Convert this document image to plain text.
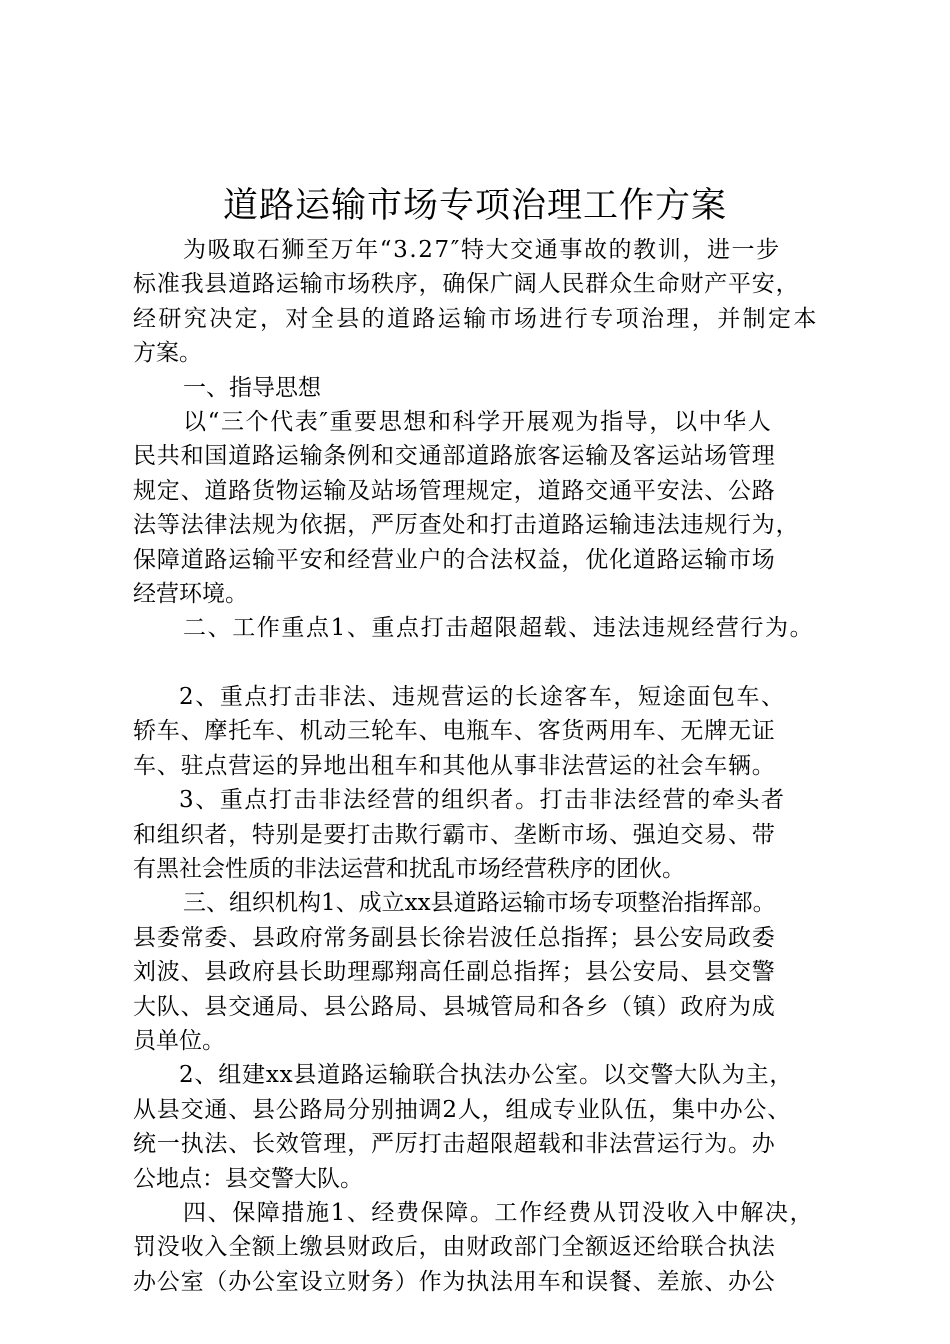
道路运输市场专项治理工作方案
为吸取石狮至万年“3.27″特大交通事故的教训，进一步
标准我县道路运输市场秩序，确保广阔人民群众生命财产平安，
经研究决定，对全县的道路运输市场进行专项治理，并制定本
方案。
一、指导思想
以“三个代表″重要思想和科学开展观为指导，以中华人
民共和国道路运输条例和交通部道路旅客运输及客运站场管理
规定、道路货物运输及站场管理规定，道路交通平安法、公路
法等法律法规为依据，严厉查处和打击道路运输违法违规行为，
保障道路运输平安和经营业户的合法权益，优化道路运输市场
经营环境。
二、工作重点1、重点打击超限超载、违法违规经营行为。
2、重点打击非法、违规营运的长途客车，短途面包车、
轿车、摩托车、机动三轮车、电瓶车、客货两用车、无牌无证
车、驻点营运的异地出租车和其他从事非法营运的社会车辆。
3、重点打击非法经营的组织者。打击非法经营的牵头者
和组织者，特别是要打击欺行霸市、垄断市场、强迫交易、带
有黑社会性质的非法运营和扰乱市场经营秩序的团伙。
三、组织机构1、成立xx县道路运输市场专项整治指挥部。
县委常委、县政府常务副县长徐岩波任总指挥；县公安局政委
刘波、县政府县长助理鄢翔高任副总指挥；县公安局、县交警
大队、县交通局、县公路局、县城管局和各乡（镇）政府为成
员单位。
2、组建xx县道路运输联合执法办公室。以交警大队为主，
从县交通、县公路局分别抽调2人，组成专业队伍，集中办公、
统一执法、长效管理，严厉打击超限超载和非法营运行为。办
公地点：县交警大队。
四、保障措施1、经费保障。工作经费从罚没收入中解决，
罚没收入全额上缴县财政后，由财政部门全额返还给联合执法
办公室（办公室设立财务）作为执法用车和误餐、差旅、办公
